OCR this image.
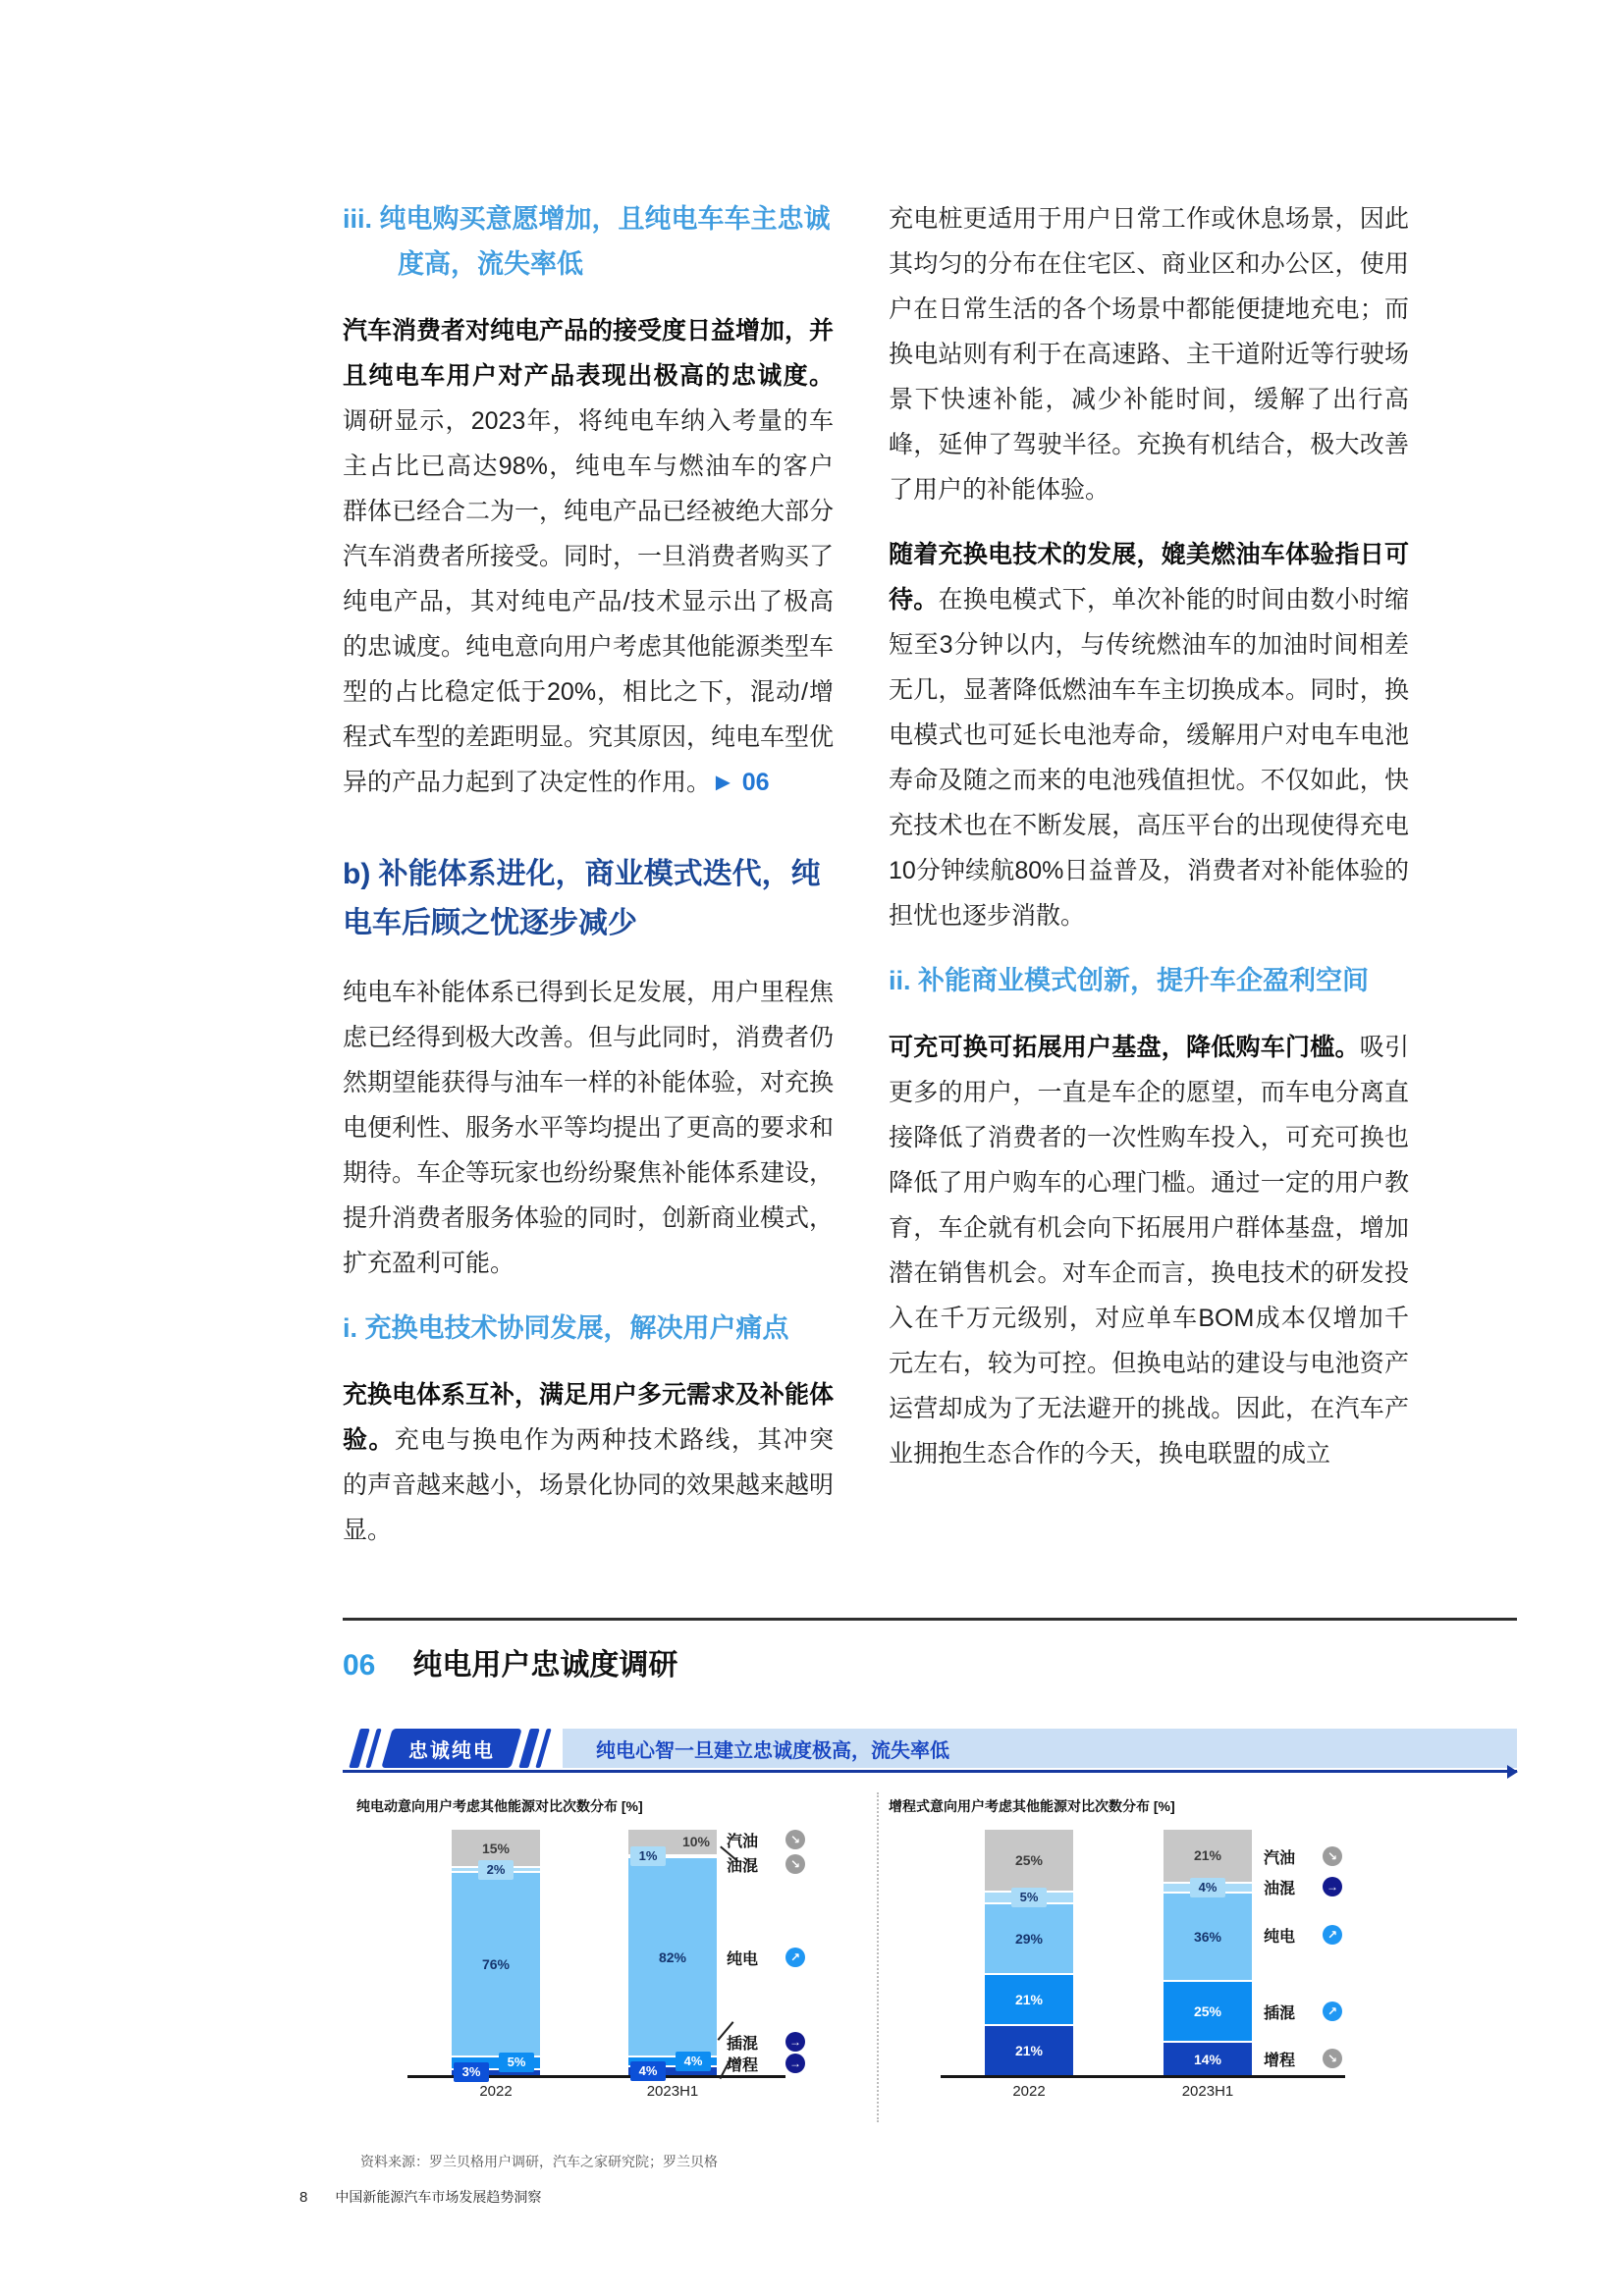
iii. 纯电购买意愿增加，且纯电车车主忠诚度高，流失率低

汽车消费者对纯电产品的接受度日益增加，并且纯电车用户对产品表现出极高的忠诚度。调研显示，2023年，将纯电车纳入考量的车主占比已高达98%，纯电车与燃油车的客户群体已经合二为一，纯电产品已经被绝大部分汽车消费者所接受。同时，一旦消费者购买了纯电产品，其对纯电产品/技术显示出了极高的忠诚度。纯电意向用户考虑其他能源类型车型的占比稳定低于20%，相比之下，混动/增程式车型的差距明显。究其原因，纯电车型优异的产品力起到了决定性的作用。► 06

b) 补能体系进化，商业模式迭代，纯电车后顾之忧逐步减少

纯电车补能体系已得到长足发展，用户里程焦虑已经得到极大改善。但与此同时，消费者仍然期望能获得与油车一样的补能体验，对充换电便利性、服务水平等均提出了更高的要求和期待。车企等玩家也纷纷聚焦补能体系建设，提升消费者服务体验的同时，创新商业模式，扩充盈利可能。

i. 充换电技术协同发展，解决用户痛点

充换电体系互补，满足用户多元需求及补能体验。充电与换电作为两种技术路线，其冲突的声音越来越小，场景化协同的效果越来越明显。

充电桩更适用于用户日常工作或休息场景，因此其均匀的分布在住宅区、商业区和办公区，使用户在日常生活的各个场景中都能便捷地充电；而换电站则有利于在高速路、主干道附近等行驶场景下快速补能，减少补能时间，缓解了出行高峰，延伸了驾驶半径。充换有机结合，极大改善了用户的补能体验。

随着充换电技术的发展，媲美燃油车体验指日可待。在换电模式下，单次补能的时间由数小时缩短至3分钟以内，与传统燃油车的加油时间相差无几，显著降低燃油车车主切换成本。同时，换电模式也可延长电池寿命，缓解用户对电车电池寿命及随之而来的电池残值担忧。不仅如此，快充技术也在不断发展，高压平台的出现使得充电10分钟续航80%日益普及，消费者对补能体验的担忧也逐步消散。

ii. 补能商业模式创新，提升车企盈利空间

可充可换可拓展用户基盘，降低购车门槛。吸引更多的用户，一直是车企的愿望，而车电分离直接降低了消费者的一次性购车投入，可充可换也降低了用户购车的心理门槛。通过一定的用户教育，车企就有机会向下拓展用户群体基盘，增加潜在销售机会。对车企而言，换电技术的研发投入在千万元级别，对应单车BOM成本仅增加千元左右，较为可控。但换电站的建设与电池资产运营却成为了无法避开的挑战。因此，在汽车产业拥抱生态合作的今天，换电联盟的成立

06 纯电用户忠诚度调研
忠诚纯电	纯电心智一旦建立忠诚度极高，流失率低
纯电动意向用户考虑其他能源对比次数分布 [%]
15%
2%
76%
5%
3%
2022
10%
1%
82%
4%
4%
2023H1
汽油	↘
油混	↘
纯电	↗
插混	→
增程	→
增程式意向用户考虑其他能源对比次数分布 [%]
25%
5%
29%
21%
21%
2022
21%
4%
36%
25%
14%
2023H1
汽油	↘
油混	→
纯电	↗
插混	↗
增程	↘
资料来源：罗兰贝格用户调研，汽车之家研究院；罗兰贝格
8 中国新能源汽车市场发展趋势洞察
